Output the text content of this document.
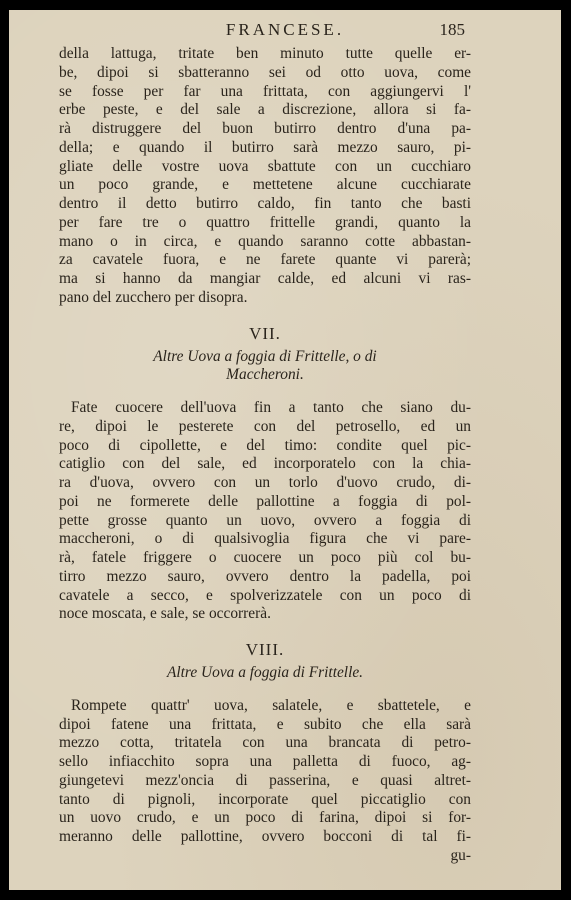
FRANCESE.	185
della lattuga, tritate ben minuto tutte quelle er-
be, dipoi si sbatteranno sei od otto uova, come
se fosse per far una frittata, con aggiungervi l'
erbe peste, e del sale a discrezione, allora si fa-
rà distruggere del buon butirro dentro d'una pa-
della; e quando il butirro sarà mezzo sauro, pi-
gliate delle vostre uova sbattute con un cucchiaro
un poco grande, e mettetene alcune cucchiarate
dentro il detto butirro caldo, fin tanto che basti
per fare tre o quattro frittelle grandi, quanto la
mano o in circa, e quando saranno cotte abbastan-
za cavatele fuora, e ne farete quante vi parerà;
ma si hanno da mangiar calde, ed alcuni vi ras-
pano del zucchero per disopra.
VII.
Altre Uova a foggia di Frittelle, o di
Maccheroni.
Fate cuocere dell'uova fin a tanto che siano du-
re, dipoi le pesterete con del petrosello, ed un
poco di cipollette, e del timo: condite quel pic-
catiglio con del sale, ed incorporatelo con la chia-
ra d'uova, ovvero con un torlo d'uovo crudo, di-
poi ne formerete delle pallottine a foggia di pol-
pette grosse quanto un uovo, ovvero a foggia di
maccheroni, o di qualsivoglia figura che vi pare-
rà, fatele friggere o cuocere un poco più col bu-
tirro mezzo sauro, ovvero dentro la padella, poi
cavatele a secco, e spolverizzatele con un poco di
noce moscata, e sale, se occorrerà.
VIII.
Altre Uova a foggia di Frittelle.
Rompete quattr' uova, salatele, e sbattetele, e
dipoi fatene una frittata, e subito che ella sarà
mezzo cotta, tritatela con una brancata di petro-
sello infiacchito sopra una palletta di fuoco, ag-
giungetevi mezz'oncia di passerina, e quasi altret-
tanto di pignoli, incorporate quel piccatiglio con
un uovo crudo, e un poco di farina, dipoi si for-
meranno delle pallottine, ovvero bocconi di tal fi-
gu-
